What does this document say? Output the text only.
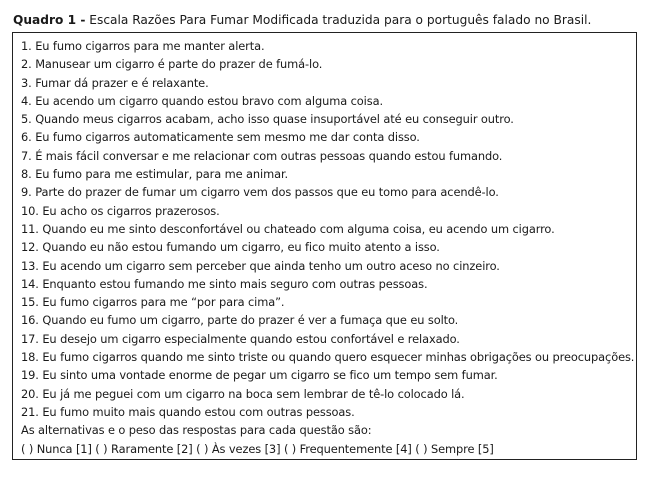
Quadro 1 - Escala Razões Para Fumar Modificada traduzida para o português falado no Brasil.
1. Eu fumo cigarros para me manter alerta.
2. Manusear um cigarro é parte do prazer de fumá-lo.
3. Fumar dá prazer e é relaxante.
4. Eu acendo um cigarro quando estou bravo com alguma coisa.
5. Quando meus cigarros acabam, acho isso quase insuportável até eu conseguir outro.
6. Eu fumo cigarros automaticamente sem mesmo me dar conta disso.
7. É mais fácil conversar e me relacionar com outras pessoas quando estou fumando.
8. Eu fumo para me estimular, para me animar.
9. Parte do prazer de fumar um cigarro vem dos passos que eu tomo para acendê-lo.
10. Eu acho os cigarros prazerosos.
11. Quando eu me sinto desconfortável ou chateado com alguma coisa, eu acendo um cigarro.
12. Quando eu não estou fumando um cigarro, eu fico muito atento a isso.
13. Eu acendo um cigarro sem perceber que ainda tenho um outro aceso no cinzeiro.
14. Enquanto estou fumando me sinto mais seguro com outras pessoas.
15. Eu fumo cigarros para me “por para cima”.
16. Quando eu fumo um cigarro, parte do prazer é ver a fumaça que eu solto.
17. Eu desejo um cigarro especialmente quando estou confortável e relaxado.
18. Eu fumo cigarros quando me sinto triste ou quando quero esquecer minhas obrigações ou preocupações.
19. Eu sinto uma vontade enorme de pegar um cigarro se fico um tempo sem fumar.
20. Eu já me peguei com um cigarro na boca sem lembrar de tê-lo colocado lá.
21. Eu fumo muito mais quando estou com outras pessoas.
As alternativas e o peso das respostas para cada questão são:
( ) Nunca [1] ( ) Raramente [2] ( ) Às vezes [3] ( ) Frequentemente [4] ( ) Sempre [5]
